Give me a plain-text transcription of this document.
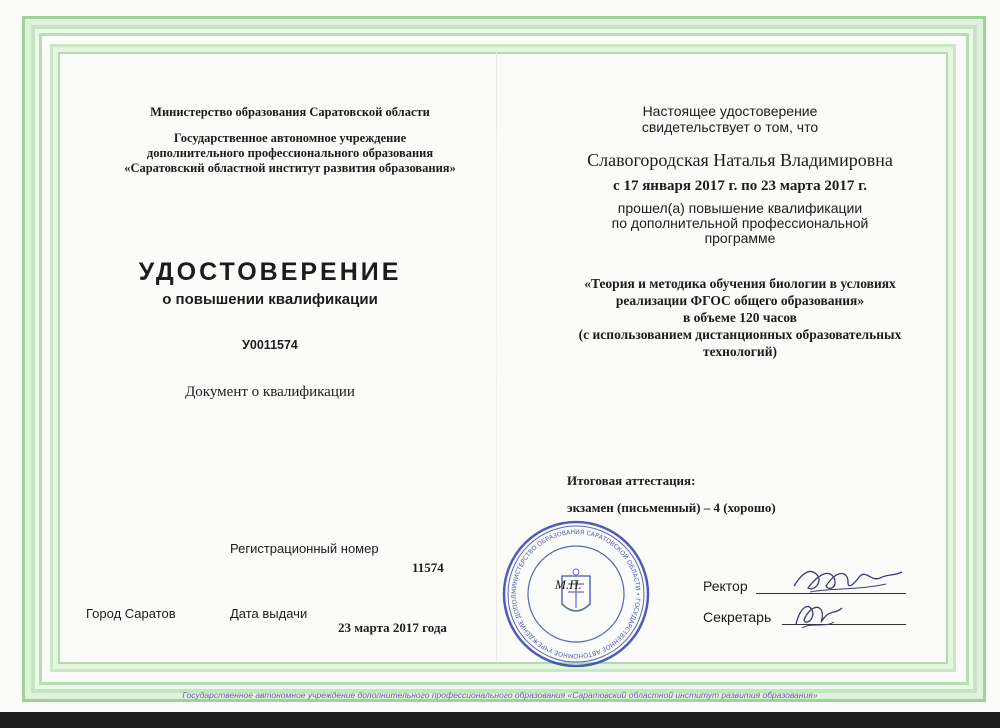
Министерство образования Саратовской области
Государственное автономное учреждение
дополнительного профессионального образования
«Саратовский областной институт развития образования»
УДОСТОВЕРЕНИЕ
о повышении квалификации
У0011574
Документ о квалификации
Регистрационный номер
11574
Город Саратов	Дата выдачи
23 марта 2017 года
Настоящее удостоверение
свидетельствует о том, что
Славогородская Наталья Владимировна
с 17 января 2017 г. по 23 марта 2017 г.
прошел(а) повышение квалификации
по дополнительной профессиональной
программе
«Теория и методика обучения биологии в условиях
реализации ФГОС общего образования»
в объеме 120 часов
(с использованием дистанционных образовательных
технологий)
Итоговая аттестация:
экзамен (письменный) – 4 (хорошо)
МИНИСТЕРСТВО ОБРАЗОВАНИЯ САРАТОВСКОЙ ОБЛАСТИ • ГОСУДАРСТВЕННОЕ АВТОНОМНОЕ УЧРЕЖДЕНИЕ ДОПОЛ
М.П.	Ректор
Секретарь
Государственное автономное учреждение дополнительного профессионального образования «Саратовский областной институт развития образования»
